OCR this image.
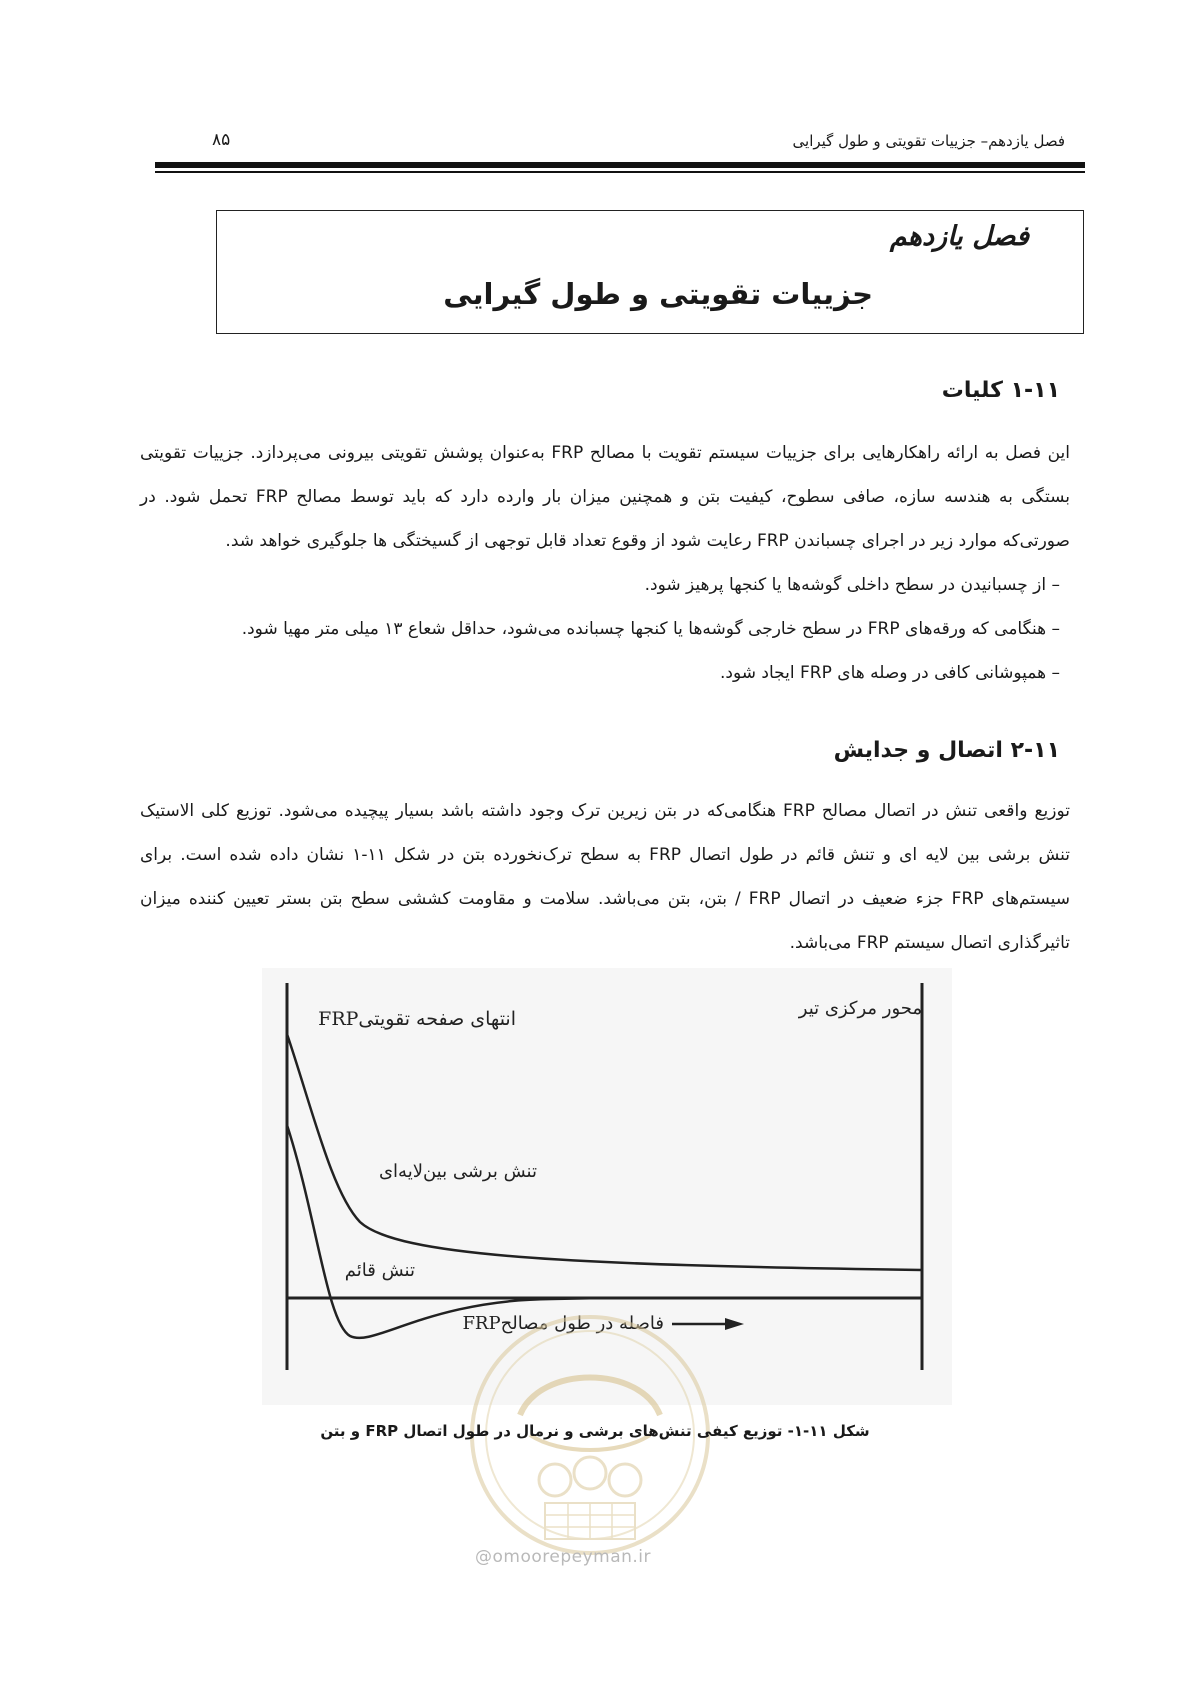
فصل یازدهم– جزییات تقویتی و طول گیرایی
۸۵
فصل یازدهم
جزییات تقویتی و طول گیرایی
۱-۱۱ کلیات

این فصل به ارائه راهکارهایی برای جزییات سیستم تقویت با مصالح FRP به‌عنوان پوشش تقویتی بیرونی می‌پردازد. جزییات تقویتی بستگی به هندسه سازه، صافی سطوح، کیفیت بتن و همچنین میزان بار وارده دارد که باید توسط مصالح FRP تحمل شود. در صورتی‌که موارد زیر در اجرای چسباندن FRP رعایت شود از وقوع تعداد قابل توجهی از گسیختگی ها جلوگیری خواهد شد.

– از چسبانیدن در سطح داخلی گوشه‌ها یا کنجها پرهیز شود.
– هنگامی که ورقه‌های FRP در سطح خارجی گوشه‌ها یا کنجها چسبانده می‌شود، حداقل شعاع ۱۳ میلی متر مهیا شود.
– همپوشانی کافی در وصله های FRP ایجاد شود.
۲-۱۱ اتصال و جدایش

توزیع واقعی تنش در اتصال مصالح FRP هنگامی‌که در بتن زیرین ترک وجود داشته باشد بسیار پیچیده می‌شود. توزیع کلی الاستیک تنش برشی بین لایه ای و تنش قائم در طول اتصال FRP به سطح ترک‌نخورده بتن در شکل ۱۱-۱ نشان داده شده است. برای سیستم‌های FRP جزء ضعیف در اتصال FRP / بتن، بتن می‌باشد. سلامت و مقاومت کششی سطح بتن بستر تعیین کننده میزان تاثیرگذاری اتصال سیستم FRP می‌باشد.

انتهای صفحه تقویتیFRP	محور مرکزی تیر
تنش برشی بین‌لایه‌ای
تنش قائم
فاصله در طول مصالحFRP
شکل ۱۱-۱- توزیع کیفی تنش‌های برشی و نرمال در طول اتصال FRP و بتن
@omoorepeyman.ir
